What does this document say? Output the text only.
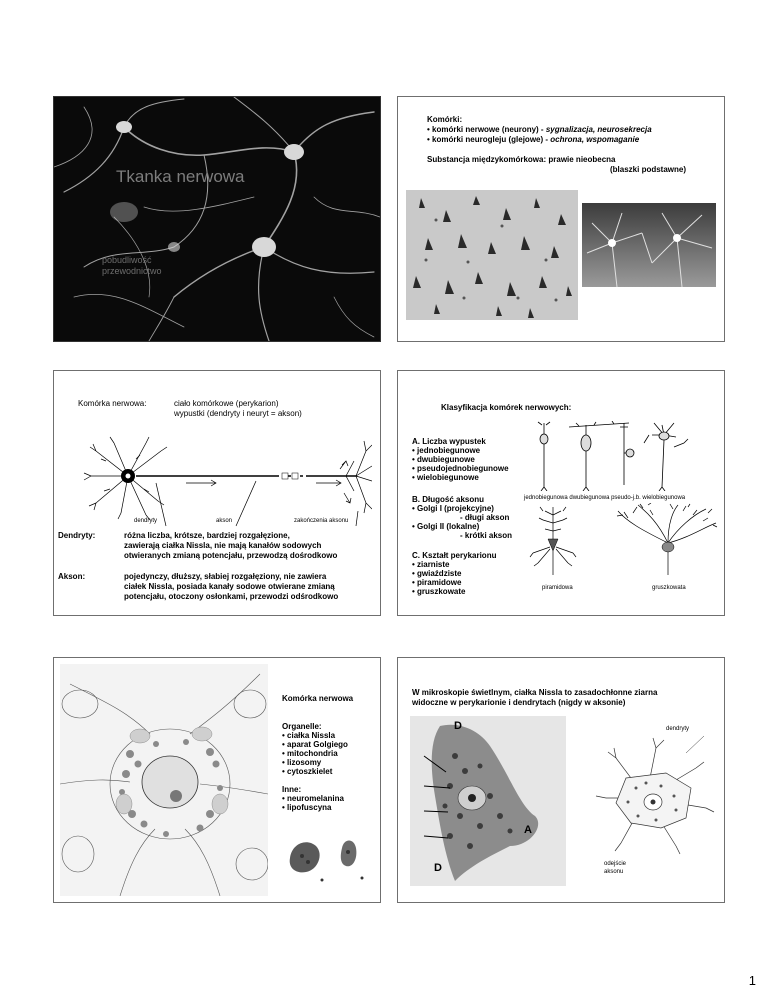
Tkanka nerwowa
pobudliwość
przewodnictwo
Komórki:
• komórki nerwowe (neurony) - sygnalizacja, neurosekrecja
• komórki neurogleju (glejowe) - ochrona, wspomaganie
Substancja międzykomórkowa: prawie nieobecna
(blaszki podstawne)
Komórka nerwowa:	ciało komórkowe (perykarion)
wypustki (dendryty i neuryt = akson)
dendryty	akson	zakończenia aksonu
Dendryty:	różna liczba, krótsze, bardziej rozgałęzione,
zawierają ciałka Nissla, nie mają kanałów sodowych
otwieranych zmianą potencjału, przewodzą dośrodkowo
Akson:	pojedynczy, dłuższy, słabiej rozgałęziony, nie zawiera
ciałek Nissla, posiada kanały sodowe otwierane zmianą
potencjału, otoczony osłonkami, przewodzi odśrodkowo
Klasyfikacja komórek nerwowych:
A. Liczba wypustek
• jednobiegunowe
• dwubiegunowe
• pseudojednobiegunowe
• wielobiegunowe
B. Długość aksonu
• Golgi I (projekcyjne)
- długi akson
• Golgi II (lokalne)
- krótki akson
C. Kształt perykarionu
• ziarniste
• gwiaździste
• piramidowe
• gruszkowate
jednobiegunowa dwubiegunowa pseudo-j.b. wielobiegunowa
piramidowa	gruszkowata
Komórka nerwowa
Organelle:
• ciałka Nissla
• aparat Golgiego
• mitochondria
• lizosomy
• cytoszkielet
Inne:
• neuromelanina
• lipofuscyna
W mikroskopie świetlnym, ciałka Nissla to zasadochłonne ziarna
widoczne w perykarionie i dendrytach (nigdy w aksonie)
D
A
D
dendryty
odejście
aksonu
1
